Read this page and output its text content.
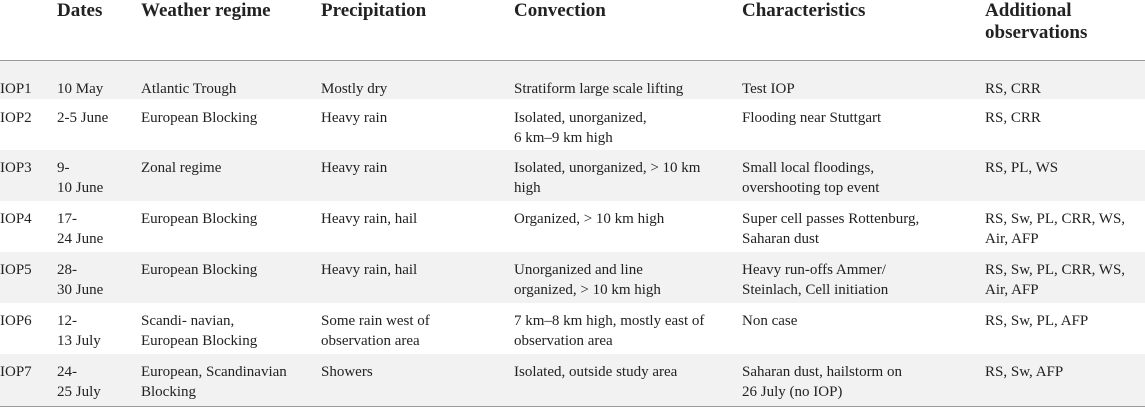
	Dates	Weather regime	Precipitation	Convection	Characteristics	Additional
observations
IOP1	10 May	Atlantic Trough	Mostly dry	Stratiform large scale lifting	Test IOP	RS, CRR
IOP2	2-5 June	European Blocking	Heavy rain	Isolated, unorganized,
6 km–9 km high	Flooding near Stuttgart	RS, CRR
IOP3	9-
10 June	Zonal regime	Heavy rain	Isolated, unorganized, > 10 km
high	Small local floodings,
overshooting top event	RS, PL, WS
IOP4	17-
24 June	European Blocking	Heavy rain, hail	Organized, > 10 km high	Super cell passes Rottenburg,
Saharan dust	RS, Sw, PL, CRR, WS,
Air, AFP
IOP5	28-
30 June	European Blocking	Heavy rain, hail	Unorganized and line
organized, > 10 km high	Heavy run-offs Ammer/
Steinlach, Cell initiation	RS, Sw, PL, CRR, WS,
Air, AFP
IOP6	12-
13 July	Scandi- navian,
European Blocking	Some rain west of
observation area	7 km–8 km high, mostly east of
observation area	Non case	RS, Sw, PL, AFP
IOP7	24-
25 July	European, Scandinavian
Blocking	Showers	Isolated, outside study area	Saharan dust, hailstorm on
26 July (no IOP)	RS, Sw, AFP
